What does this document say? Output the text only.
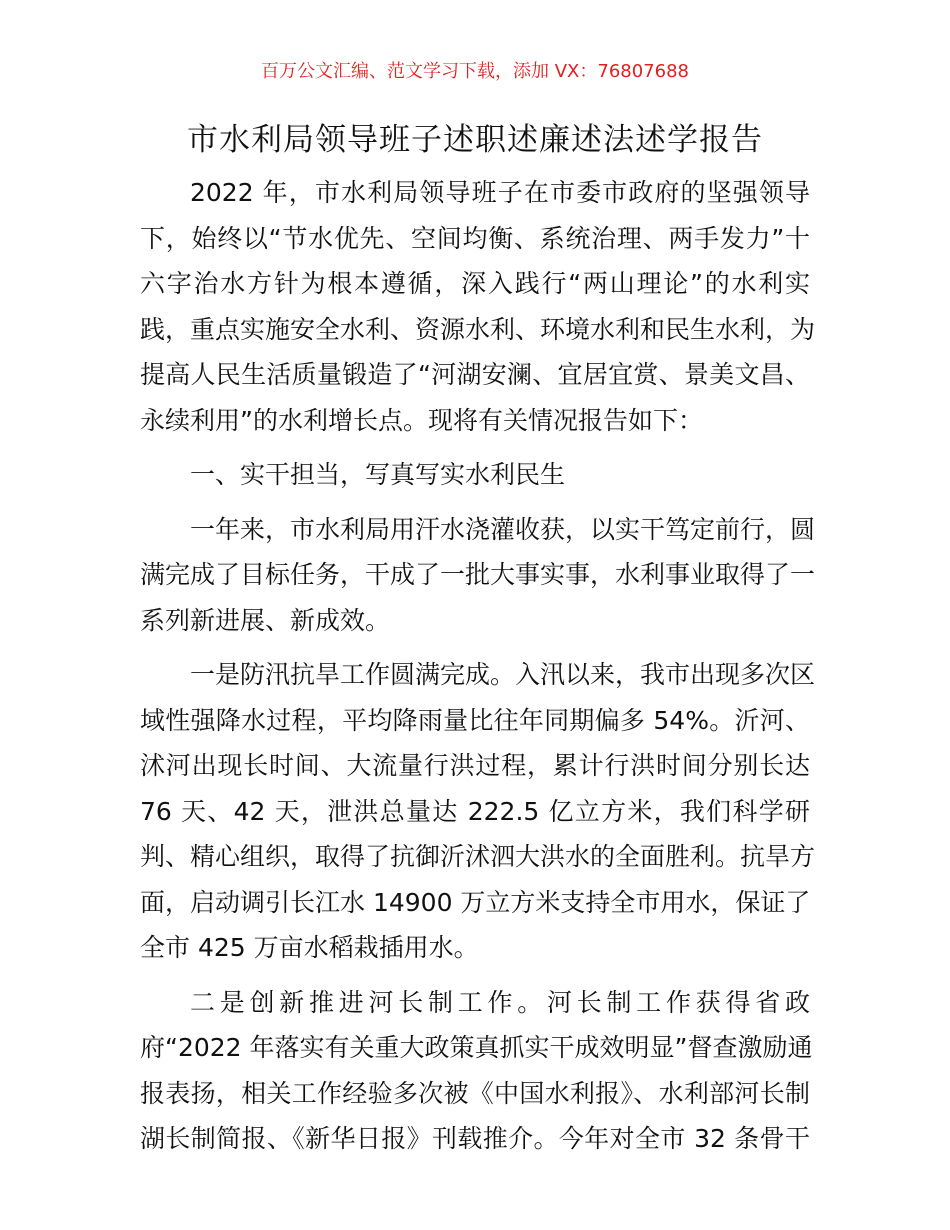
百万公文汇编、范文学习下载，添加 VX：76807688
市水利局领导班子述职述廉述法述学报告
2022 年，市水利局领导班子在市委市政府的坚强领导
下，始终以“节水优先、空间均衡、系统治理、两手发力”十
六字治水方针为根本遵循，深入践行“两山理论”的水利实
践，重点实施安全水利、资源水利、环境水利和民生水利，为
提高人民生活质量锻造了“河湖安澜、宜居宜赏、景美文昌、
永续利用”的水利增长点。现将有关情况报告如下：
一、实干担当，写真写实水利民生
一年来，市水利局用汗水浇灌收获，以实干笃定前行，圆
满完成了目标任务，干成了一批大事实事，水利事业取得了一
系列新进展、新成效。
一是防汛抗旱工作圆满完成。入汛以来，我市出现多次区
域性强降水过程，平均降雨量比往年同期偏多 54%。沂河、
沭河出现长时间、大流量行洪过程，累计行洪时间分别长达
76 天、42 天，泄洪总量达 222.5 亿立方米，我们科学研
判、精心组织，取得了抗御沂沭泗大洪水的全面胜利。抗旱方
面，启动调引长江水 14900 万立方米支持全市用水，保证了
全市 425 万亩水稻栽插用水。
二是创新推进河长制工作。河长制工作获得省政
府“2022 年落实有关重大政策真抓实干成效明显”督查激励通
报表扬，相关工作经验多次被《中国水利报》、水利部河长制
湖长制简报、《新华日报》刊载推介。今年对全市 32 条骨干
